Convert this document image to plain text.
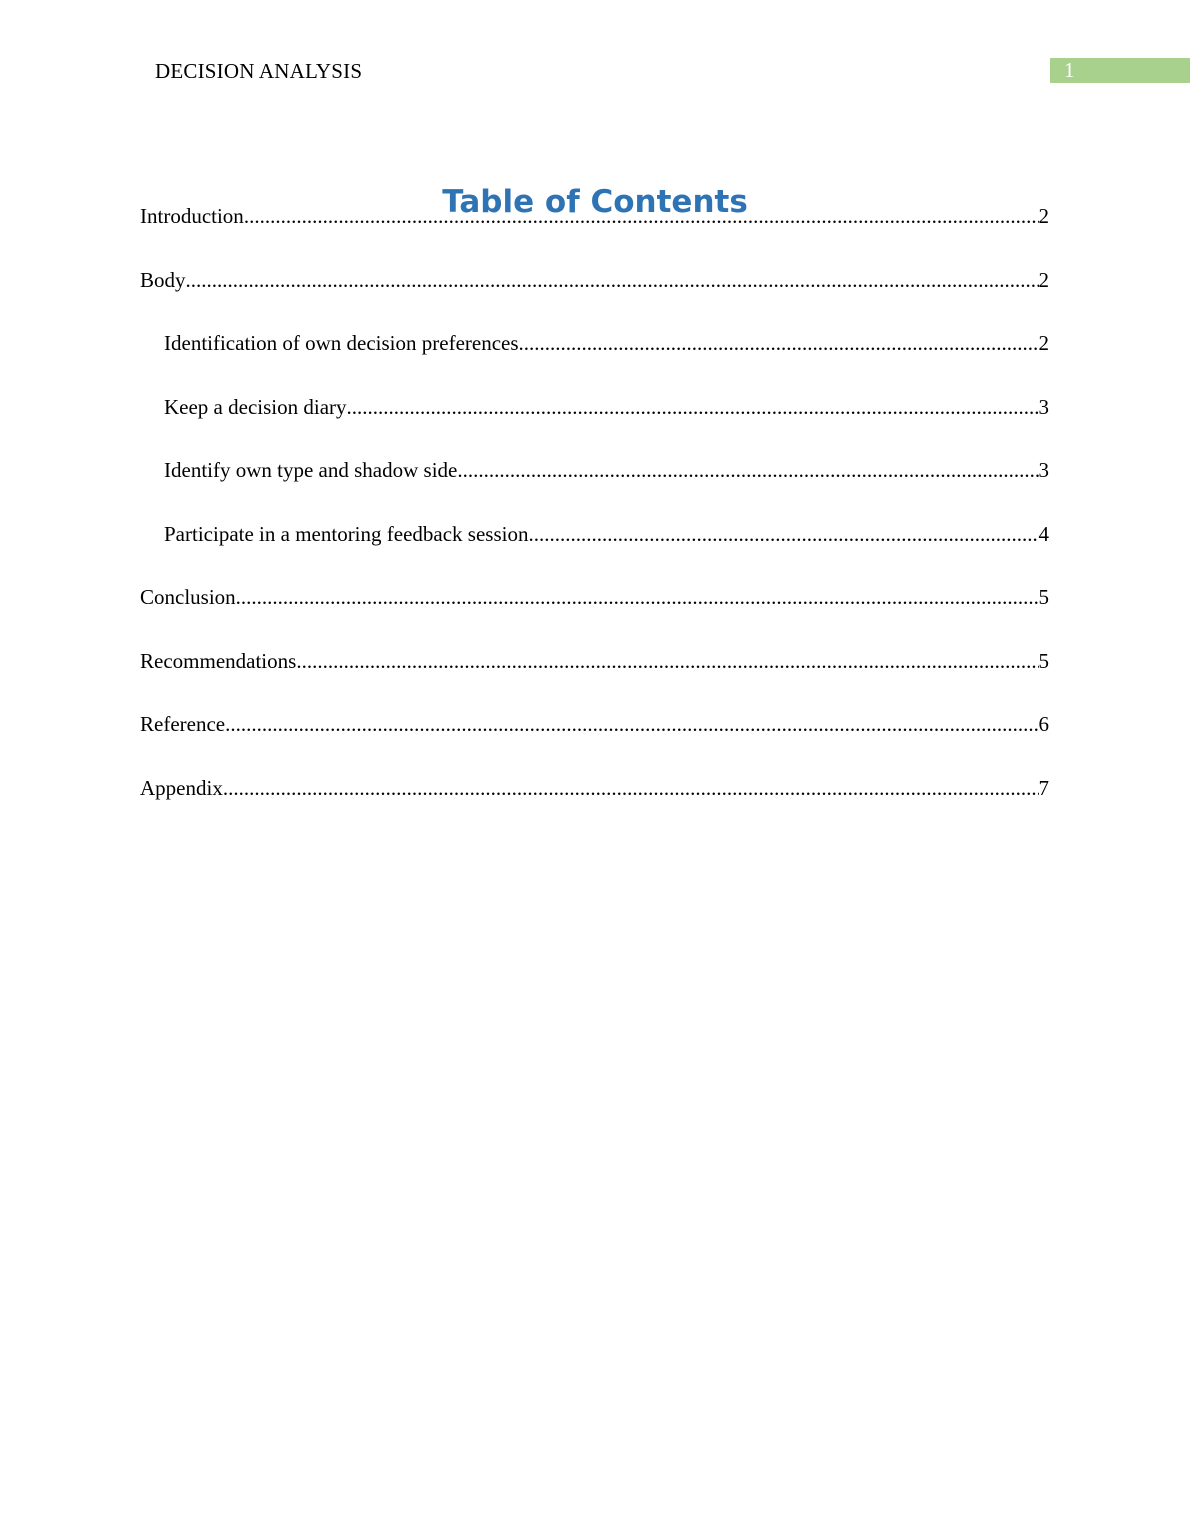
DECISION ANALYSIS	1
Table of Contents
Introduction .....	2
Body .....	2
Identification of own decision preferences .....	2
Keep a decision diary .....	3
Identify own type and shadow side .....	3
Participate in a mentoring feedback session .....	4
Conclusion .....	5
Recommendations .....	5
Reference .....	6
Appendix .....	7
